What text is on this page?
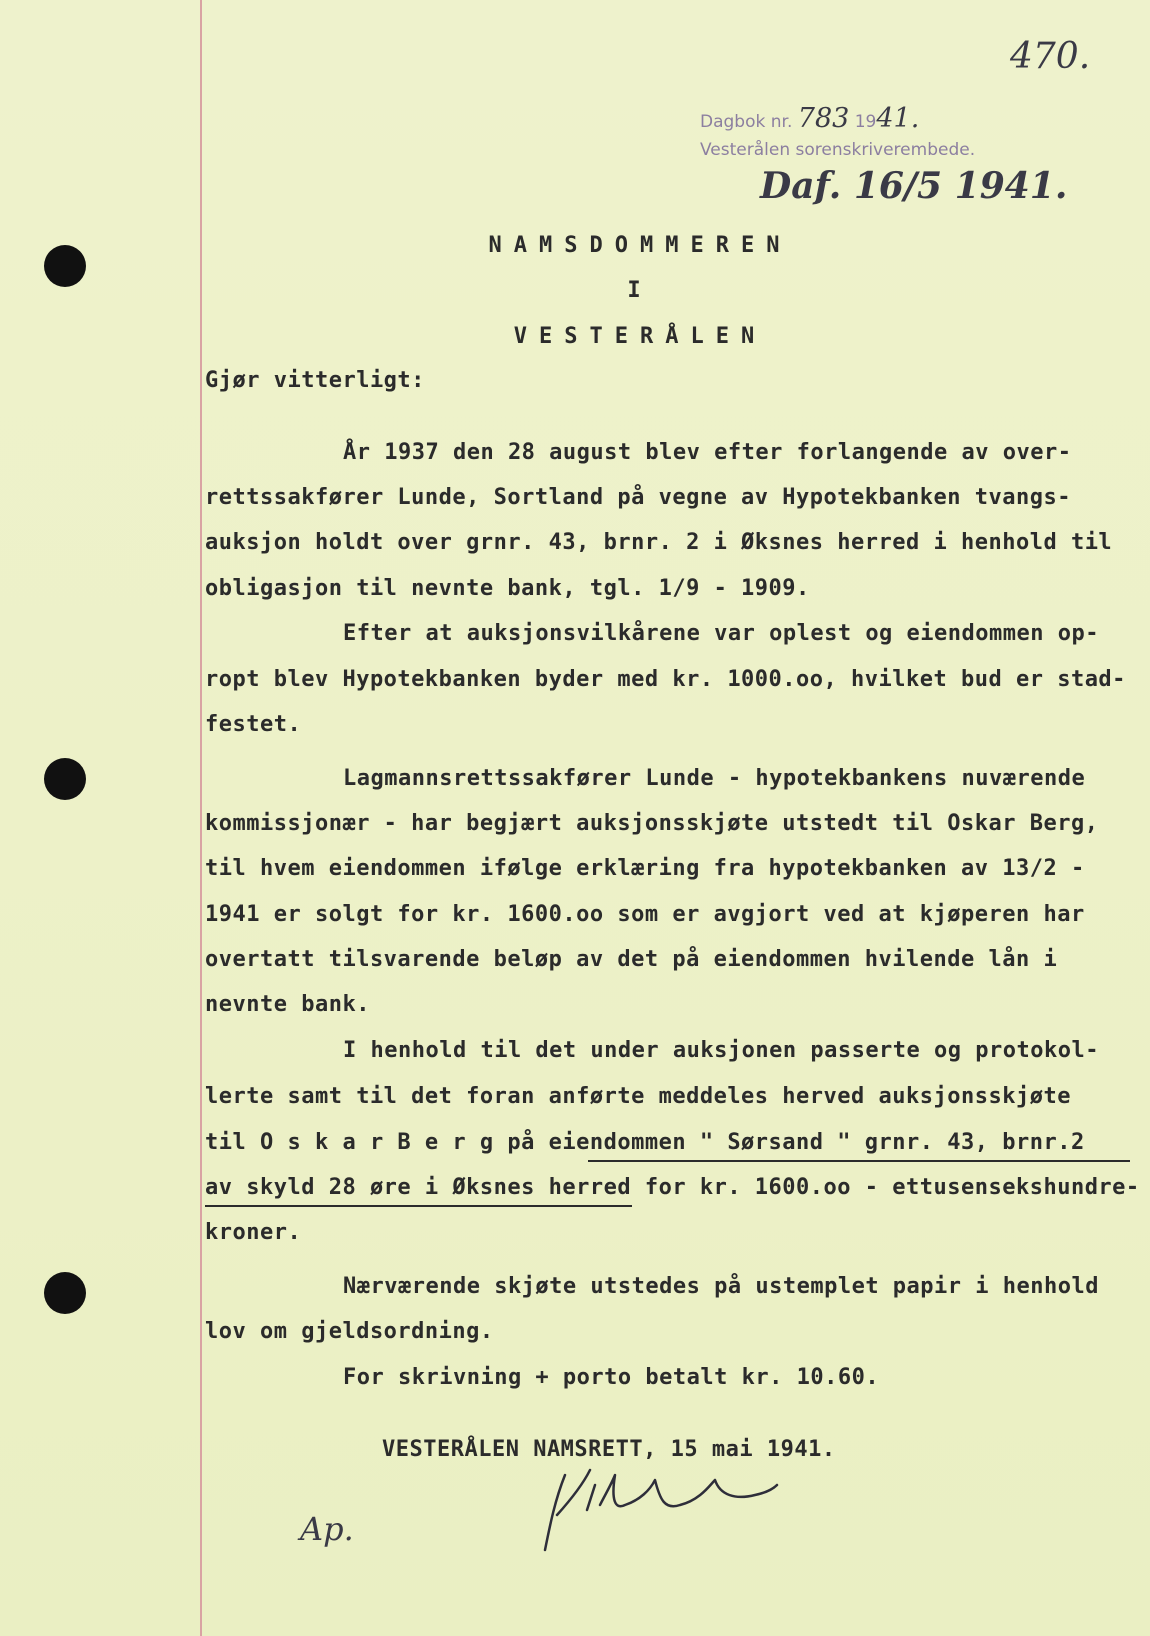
470.
Dagbok nr. 783 1941.
Vesterålen sorenskriverembede.
Daf. 16/5 1941.
NAMSDOMMEREN
I
VESTERÅLEN
Gjør vitterligt:
År 1937 den 28 august blev efter forlangende av over-
rettssakfører Lunde, Sortland på vegne av Hypotekbanken tvangs-
auksjon holdt over grnr. 43, brnr. 2 i Øksnes herred i henhold til
obligasjon til nevnte bank, tgl. 1/9 - 1909.
Efter at auksjonsvilkårene var oplest og eiendommen op-
ropt blev Hypotekbanken byder med kr. 1000.oo, hvilket bud er stad-
festet.
Lagmannsrettssakfører Lunde - hypotekbankens nuværende
kommissjonær - har begjært auksjonsskjøte utstedt til Oskar Berg,
til hvem eiendommen ifølge erklæring fra hypotekbanken av 13/2 -
1941 er solgt for kr. 1600.oo som er avgjort ved at kjøperen har
overtatt tilsvarende beløp av det på eiendommen hvilende lån i
nevnte bank.
I henhold til det under auksjonen passerte og protokol-
lerte samt til det foran anførte meddeles herved auksjonsskjøte
til O s k a r B e r g på eiendommen " Sørsand " grnr. 43, brnr.2
av skyld 28 øre i Øksnes herred for kr. 1600.oo - ettusensekshundre-
kroner.
Nærværende skjøte utstedes på ustemplet papir i henhold
lov om gjeldsordning.
For skrivning + porto betalt kr. 10.60.
VESTERÅLEN NAMSRETT, 15 mai 1941.
Ap.
